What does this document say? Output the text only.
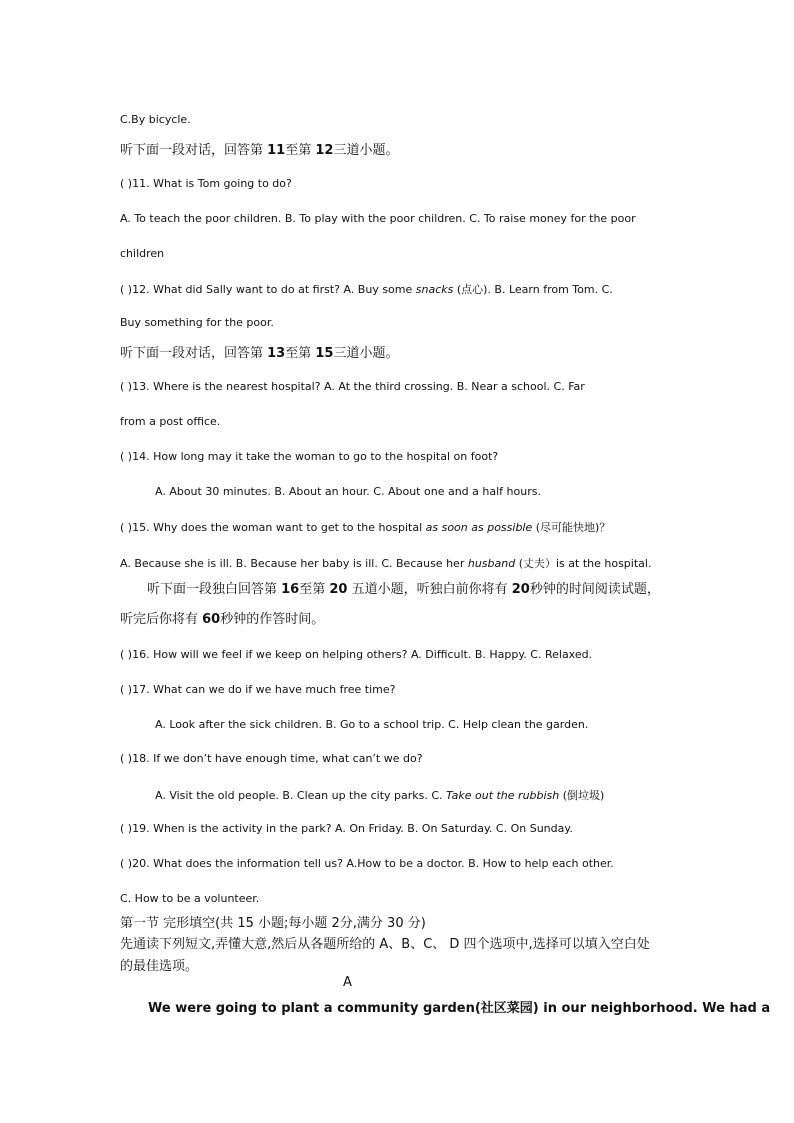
C.By bicycle.
听下面一段对话，回答第 11至第 12三道小题。
( )11. What is Tom going to do?
A. To teach the poor children. B. To play with the poor children. C. To raise money for the poor
children
( )12. What did Sally want to do at first? A. Buy some snacks (点心). B. Learn from Tom. C.
Buy something for the poor.
听下面一段对话，回答第 13至第 15三道小题。
( )13. Where is the nearest hospital? A. At the third crossing. B. Near a school. C. Far
from a post office.
( )14. How long may it take the woman to go to the hospital on foot?
A. About 30 minutes. B. About an hour. C. About one and a half hours.
( )15. Why does the woman want to get to the hospital as soon as possible (尽可能快地)？
A. Because she is ill. B. Because her baby is ill. C. Because her husband (丈夫）is at the hospital.
听下面一段独白回答第 16至第 20 五道小题，听独白前你将有 20秒钟的时间阅读试题，
听完后你将有 60秒钟的作答时间。
( )16. How will we feel if we keep on helping others? A. Difficult. B. Happy. C. Relaxed.
( )17. What can we do if we have much free time?
A. Look after the sick children. B. Go to a school trip. C. Help clean the garden.
( )18. If we don’t have enough time, what can’t we do?
A. Visit the old people. B. Clean up the city parks. C. Take out the rubbish (倒垃圾)
( )19. When is the activity in the park? A. On Friday. B. On Saturday. C. On Sunday.
( )20. What does the information tell us? A.How to be a doctor. B. How to help each other.
C. How to be a volunteer.
第一节 完形填空(共 15 小题;每小题 2分,满分 30 分)
先通读下列短文,弄懂大意,然后从各题所给的 A、B、C、 D 四个选项中,选择可以填入空白处
的最佳选项。
A
We were going to plant a community garden(社区菜园) in our neighborhood. We had a
